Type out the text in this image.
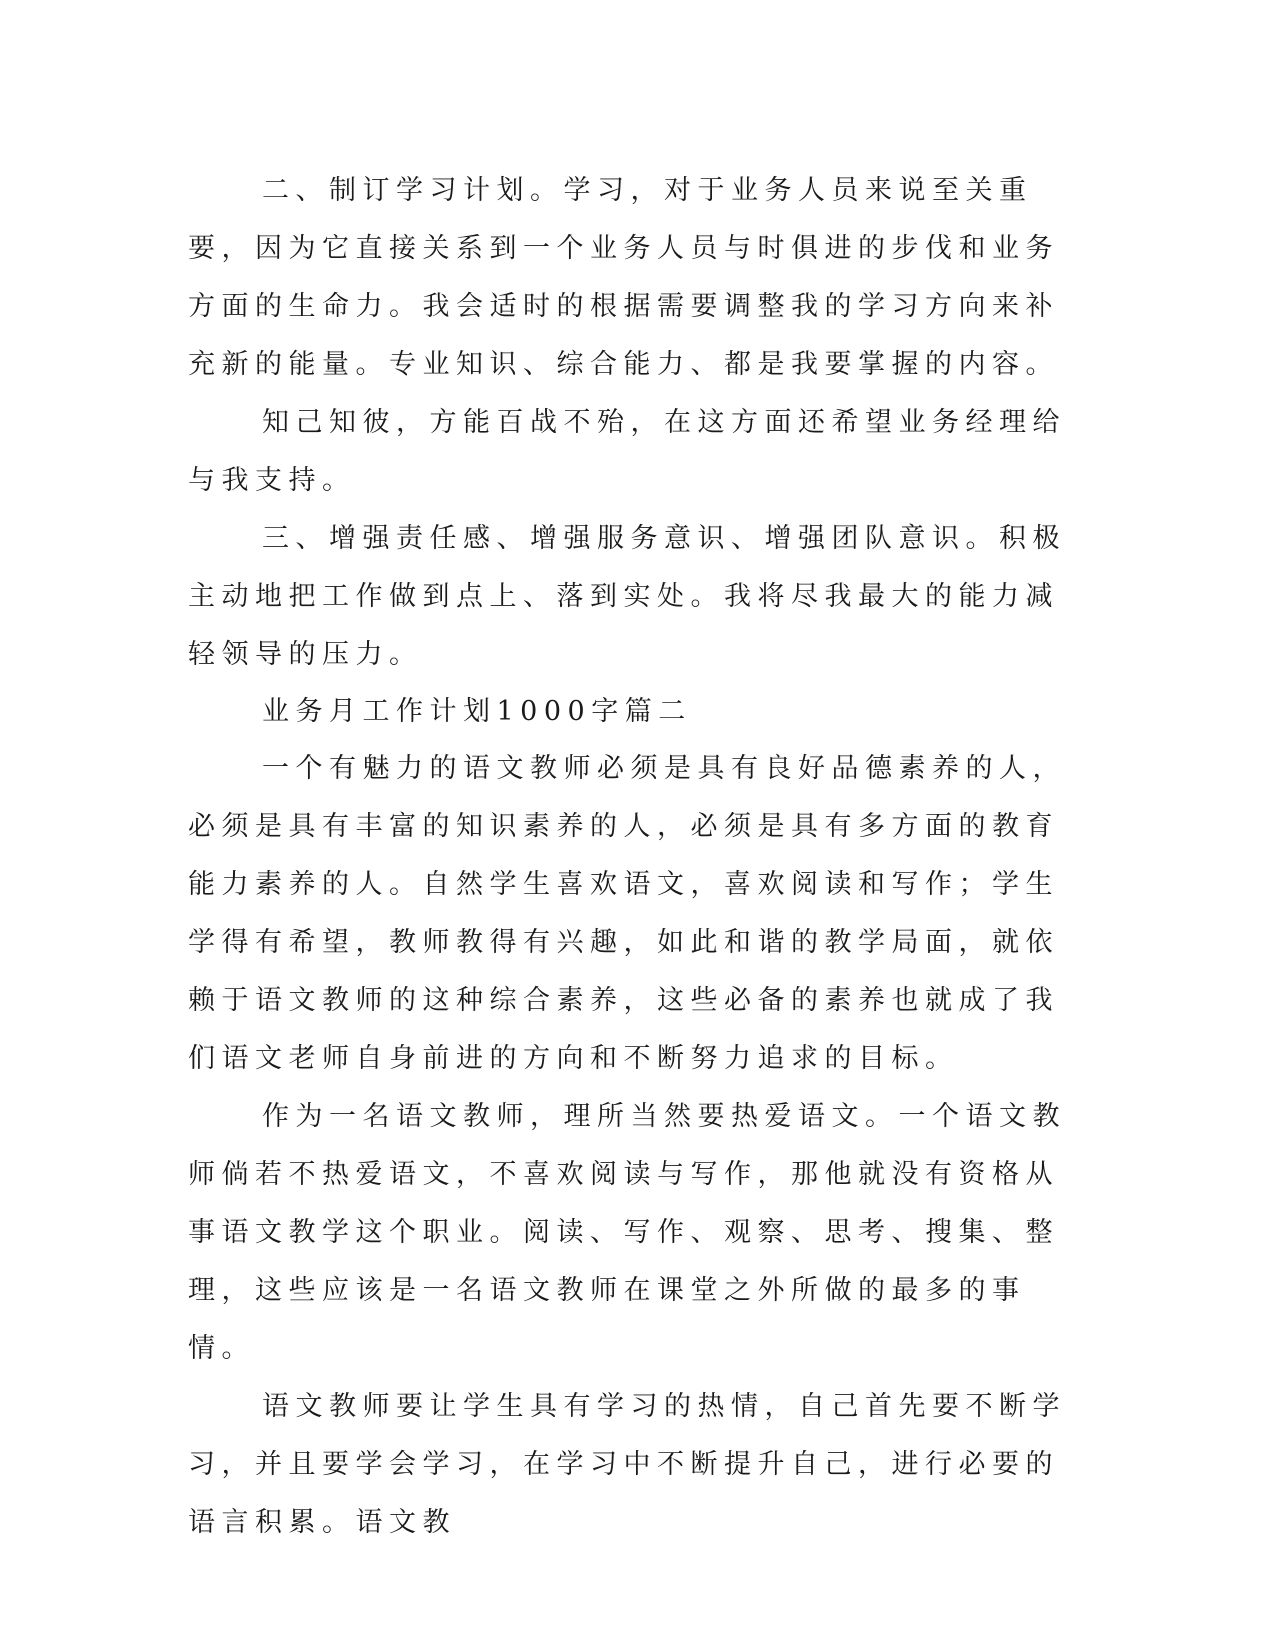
二、制订学习计划。学习，对于业务人员来说至关重要，因为它直接关系到一个业务人员与时俱进的步伐和业务方面的生命力。我会适时的根据需要调整我的学习方向来补充新的能量。专业知识、综合能力、都是我要掌握的内容。

知己知彼，方能百战不殆，在这方面还希望业务经理给与我支持。

三、增强责任感、增强服务意识、增强团队意识。积极主动地把工作做到点上、落到实处。我将尽我最大的能力减轻领导的压力。

业务月工作计划1000字篇二

一个有魅力的语文教师必须是具有良好品德素养的人，必须是具有丰富的知识素养的人，必须是具有多方面的教育能力素养的人。自然学生喜欢语文，喜欢阅读和写作；学生学得有希望，教师教得有兴趣，如此和谐的教学局面，就依赖于语文教师的这种综合素养，这些必备的素养也就成了我们语文老师自身前进的方向和不断努力追求的目标。

作为一名语文教师，理所当然要热爱语文。一个语文教师倘若不热爱语文，不喜欢阅读与写作，那他就没有资格从事语文教学这个职业。阅读、写作、观察、思考、搜集、整理，这些应该是一名语文教师在课堂之外所做的最多的事情。

语文教师要让学生具有学习的热情，自己首先要不断学习，并且要学会学习，在学习中不断提升自己，进行必要的语言积累。语文教
